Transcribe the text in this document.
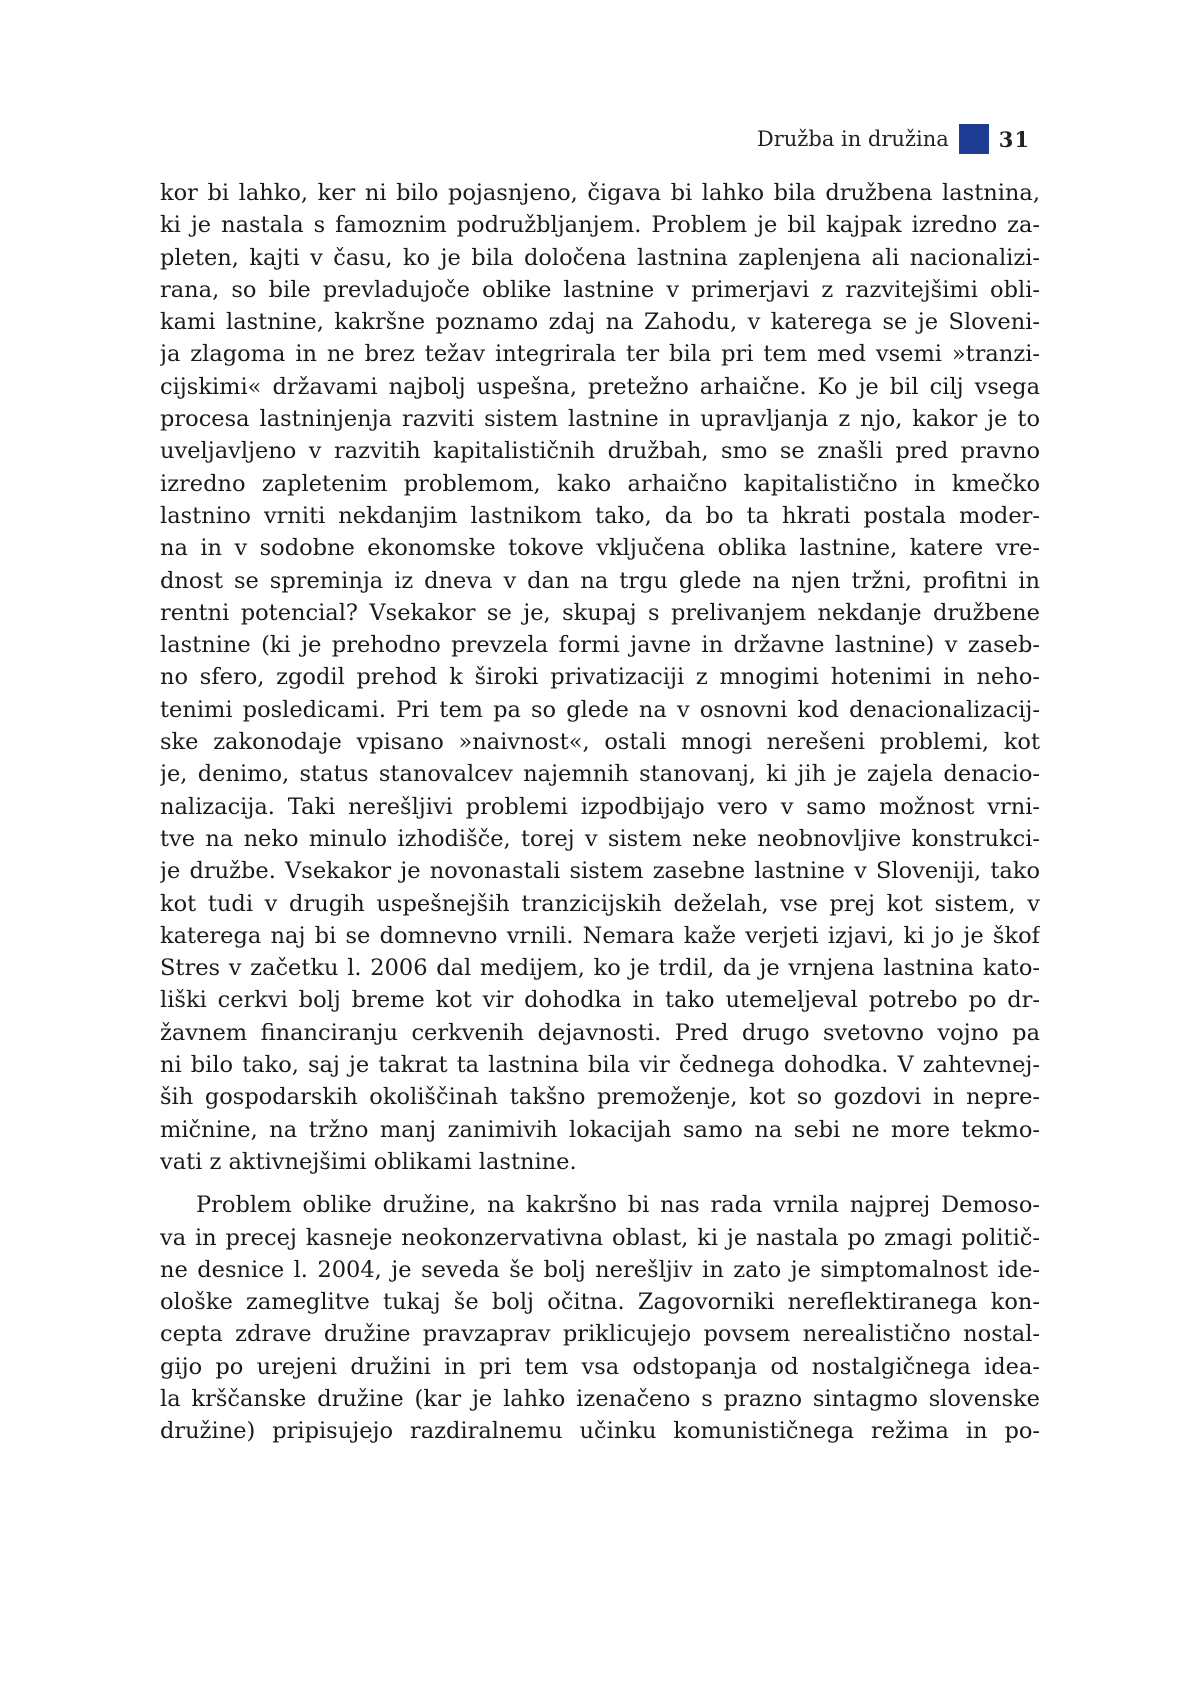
Družba in družina 31
kor bi lahko, ker ni bilo pojasnjeno, čigava bi lahko bila družbena lastnina,
ki je nastala s famoznim podružbljanjem. Problem je bil kajpak izredno za-
pleten, kajti v času, ko je bila določena lastnina zaplenjena ali nacionalizi-
rana, so bile prevladujoče oblike lastnine v primerjavi z razvitejšimi obli-
kami lastnine, kakršne poznamo zdaj na Zahodu, v katerega se je Sloveni-
ja zlagoma in ne brez težav integrirala ter bila pri tem med vsemi »tranzi-
cijskimi« državami najbolj uspešna, pretežno arhaične. Ko je bil cilj vsega
procesa lastninjenja razviti sistem lastnine in upravljanja z njo, kakor je to
uveljavljeno v razvitih kapitalističnih družbah, smo se znašli pred pravno
izredno zapletenim problemom, kako arhaično kapitalistično in kmečko
lastnino vrniti nekdanjim lastnikom tako, da bo ta hkrati postala moder-
na in v sodobne ekonomske tokove vključena oblika lastnine, katere vre-
dnost se spreminja iz dneva v dan na trgu glede na njen tržni, profitni in
rentni potencial? Vsekakor se je, skupaj s prelivanjem nekdanje družbene
lastnine (ki je prehodno prevzela formi javne in državne lastnine) v zaseb-
no sfero, zgodil prehod k široki privatizaciji z mnogimi hotenimi in neho-
tenimi posledicami. Pri tem pa so glede na v osnovni kod denacionalizacij-
ske zakonodaje vpisano »naivnost«, ostali mnogi nerešeni problemi, kot
je, denimo, status stanovalcev najemnih stanovanj, ki jih je zajela denacio-
nalizacija. Taki nerešljivi problemi izpodbijajo vero v samo možnost vrni-
tve na neko minulo izhodišče, torej v sistem neke neobnovljive konstrukci-
je družbe. Vsekakor je novonastali sistem zasebne lastnine v Sloveniji, tako
kot tudi v drugih uspešnejših tranzicijskih deželah, vse prej kot sistem, v
katerega naj bi se domnevno vrnili. Nemara kaže verjeti izjavi, ki jo je škof
Stres v začetku l. 2006 dal medijem, ko je trdil, da je vrnjena lastnina kato-
liški cerkvi bolj breme kot vir dohodka in tako utemeljeval potrebo po dr-
žavnem financiranju cerkvenih dejavnosti. Pred drugo svetovno vojno pa
ni bilo tako, saj je takrat ta lastnina bila vir čednega dohodka. V zahtevnej-
ših gospodarskih okoliščinah takšno premoženje, kot so gozdovi in nepre-
mičnine, na tržno manj zanimivih lokacijah samo na sebi ne more tekmo-
vati z aktivnejšimi oblikami lastnine.
Problem oblike družine, na kakršno bi nas rada vrnila najprej Demoso-
va in precej kasneje neokonzervativna oblast, ki je nastala po zmagi politič-
ne desnice l. 2004, je seveda še bolj nerešljiv in zato je simptomalnost ide-
ološke zameglitve tukaj še bolj očitna. Zagovorniki nereflektiranega kon-
cepta zdrave družine pravzaprav priklicujejo povsem nerealistično nostal-
gijo po urejeni družini in pri tem vsa odstopanja od nostalgičnega idea-
la krščanske družine (kar je lahko izenačeno s prazno sintagmo slovenske
družine) pripisujejo razdiralnemu učinku komunističnega režima in po-
